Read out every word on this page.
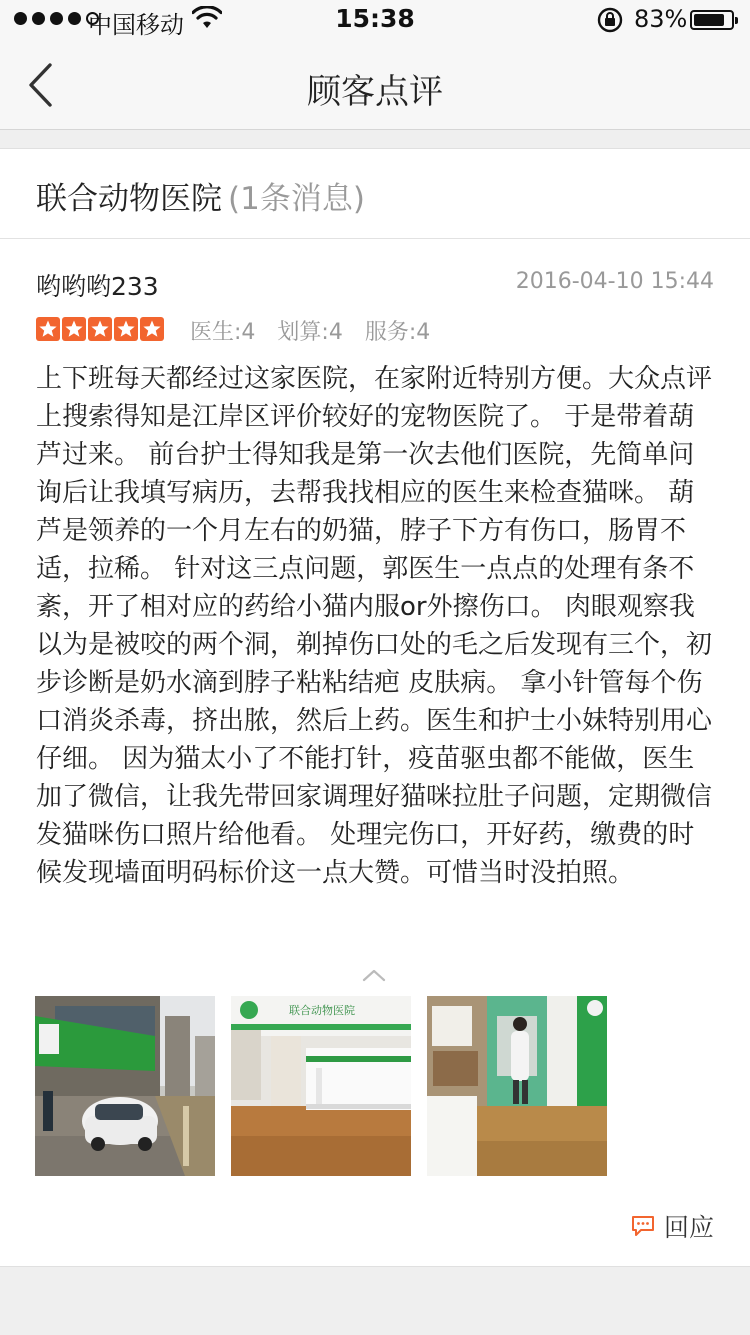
中国移动	15:38	83%
顾客点评
联合动物医院 (1条消息)
哟哟哟233	2016-04-10 15:44
医生:4 划算:4 服务:4
上下班每天都经过这家医院，在家附近特别方便。大众点评上搜索得知是江岸区评价较好的宠物医院了。 于是带着葫芦过来。 前台护士得知我是第一次去他们医院，先简单问询后让我填写病历，去帮我找相应的医生来检查猫咪。 葫芦是领养的一个月左右的奶猫，脖子下方有伤口，肠胃不适，拉稀。 针对这三点问题，郭医生一点点的处理有条不紊，开了相对应的药给小猫内服or外擦伤口。 肉眼观察我以为是被咬的两个洞，剃掉伤口处的毛之后发现有三个，初步诊断是奶水滴到脖子粘粘结疤 皮肤病。 拿小针管每个伤口消炎杀毒，挤出脓，然后上药。医生和护士小妹特别用心仔细。 因为猫太小了不能打针，疫苗驱虫都不能做，医生加了微信，让我先带回家调理好猫咪拉肚子问题，定期微信发猫咪伤口照片给他看。 处理完伤口，开好药，缴费的时候发现墙面明码标价这一点大赞。可惜当时没拍照。
联合动物医院
回应
